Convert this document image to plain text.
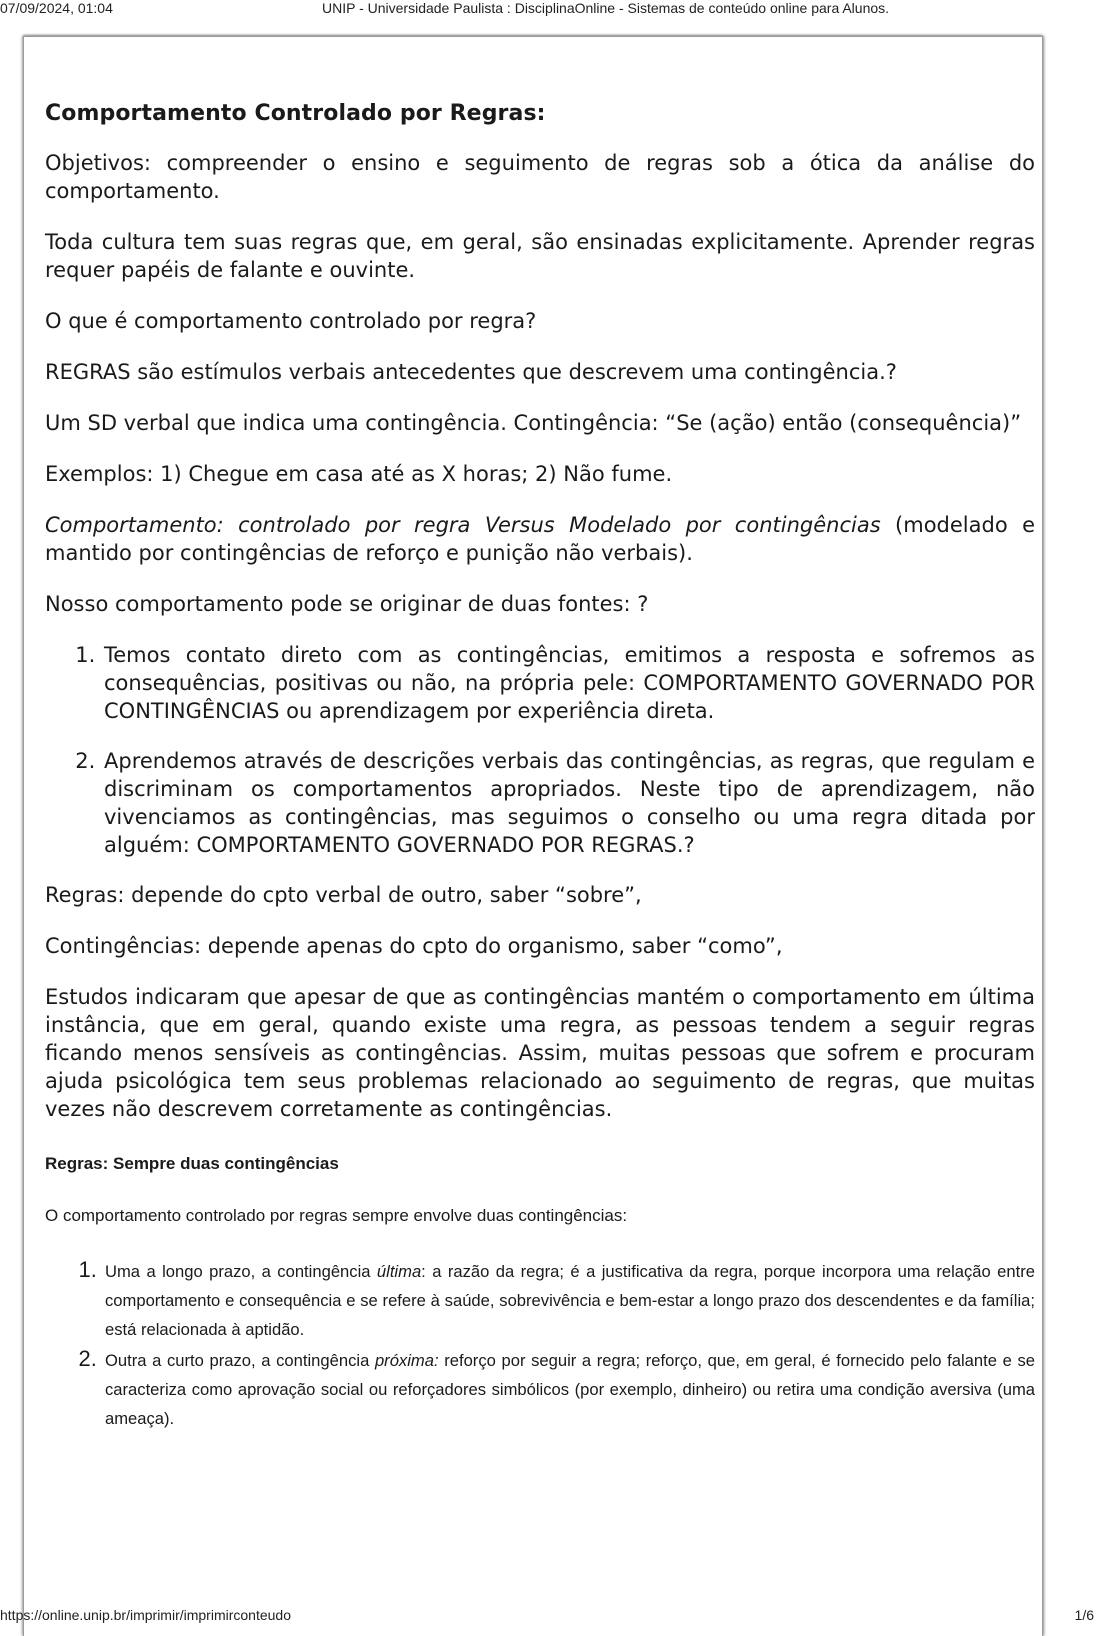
07/09/2024, 01:04	UNIP - Universidade Paulista : DisciplinaOnline - Sistemas de conteúdo online para Alunos.
Comportamento Controlado por Regras:

Objetivos: compreender o ensino e seguimento de regras sob a ótica da análise do comportamento.

Toda cultura tem suas regras que, em geral, são ensinadas explicitamente. Aprender regras requer papéis de falante e ouvinte.

O que é comportamento controlado por regra?

REGRAS são estímulos verbais antecedentes que descrevem uma contingência.?

Um SD verbal que indica uma contingência. Contingência: “Se (ação) então (consequência)”

Exemplos: 1) Chegue em casa até as X horas; 2) Não fume.

Comportamento: controlado por regra Versus Modelado por contingências (modelado e mantido por contingências de reforço e punição não verbais).

Nosso comportamento pode se originar de duas fontes: ?

1. Temos contato direto com as contingências, emitimos a resposta e sofremos as consequências, positivas ou não, na própria pele: COMPORTAMENTO GOVERNADO POR CONTINGÊNCIAS ou aprendizagem por experiência direta.
2. Aprendemos através de descrições verbais das contingências, as regras, que regulam e discriminam os comportamentos apropriados. Neste tipo de aprendizagem, não vivenciamos as contingências, mas seguimos o conselho ou uma regra ditada por alguém: COMPORTAMENTO GOVERNADO POR REGRAS.?

Regras: depende do cpto verbal de outro, saber “sobre”,

Contingências: depende apenas do cpto do organismo, saber “como”,

Estudos indicaram que apesar de que as contingências mantém o comportamento em última instância, que em geral, quando existe uma regra, as pessoas tendem a seguir regras ficando menos sensíveis as contingências. Assim, muitas pessoas que sofrem e procuram ajuda psicológica tem seus problemas relacionado ao seguimento de regras, que muitas vezes não descrevem corretamente as contingências.

Regras: Sempre duas contingências
O comportamento controlado por regras sempre envolve duas contingências:
1. Uma a longo prazo, a contingência última: a razão da regra; é a justificativa da regra, porque incorpora uma relação entre comportamento e consequência e se refere à saúde, sobrevivência e bem-estar a longo prazo dos descendentes e da família; está relacionada à aptidão.
2. Outra a curto prazo, a contingência próxima: reforço por seguir a regra; reforço, que, em geral, é fornecido pelo falante e se caracteriza como aprovação social ou reforçadores simbólicos (por exemplo, dinheiro) ou retira uma condição aversiva (uma ameaça).
https://online.unip.br/imprimir/imprimirconteudo	1/6
